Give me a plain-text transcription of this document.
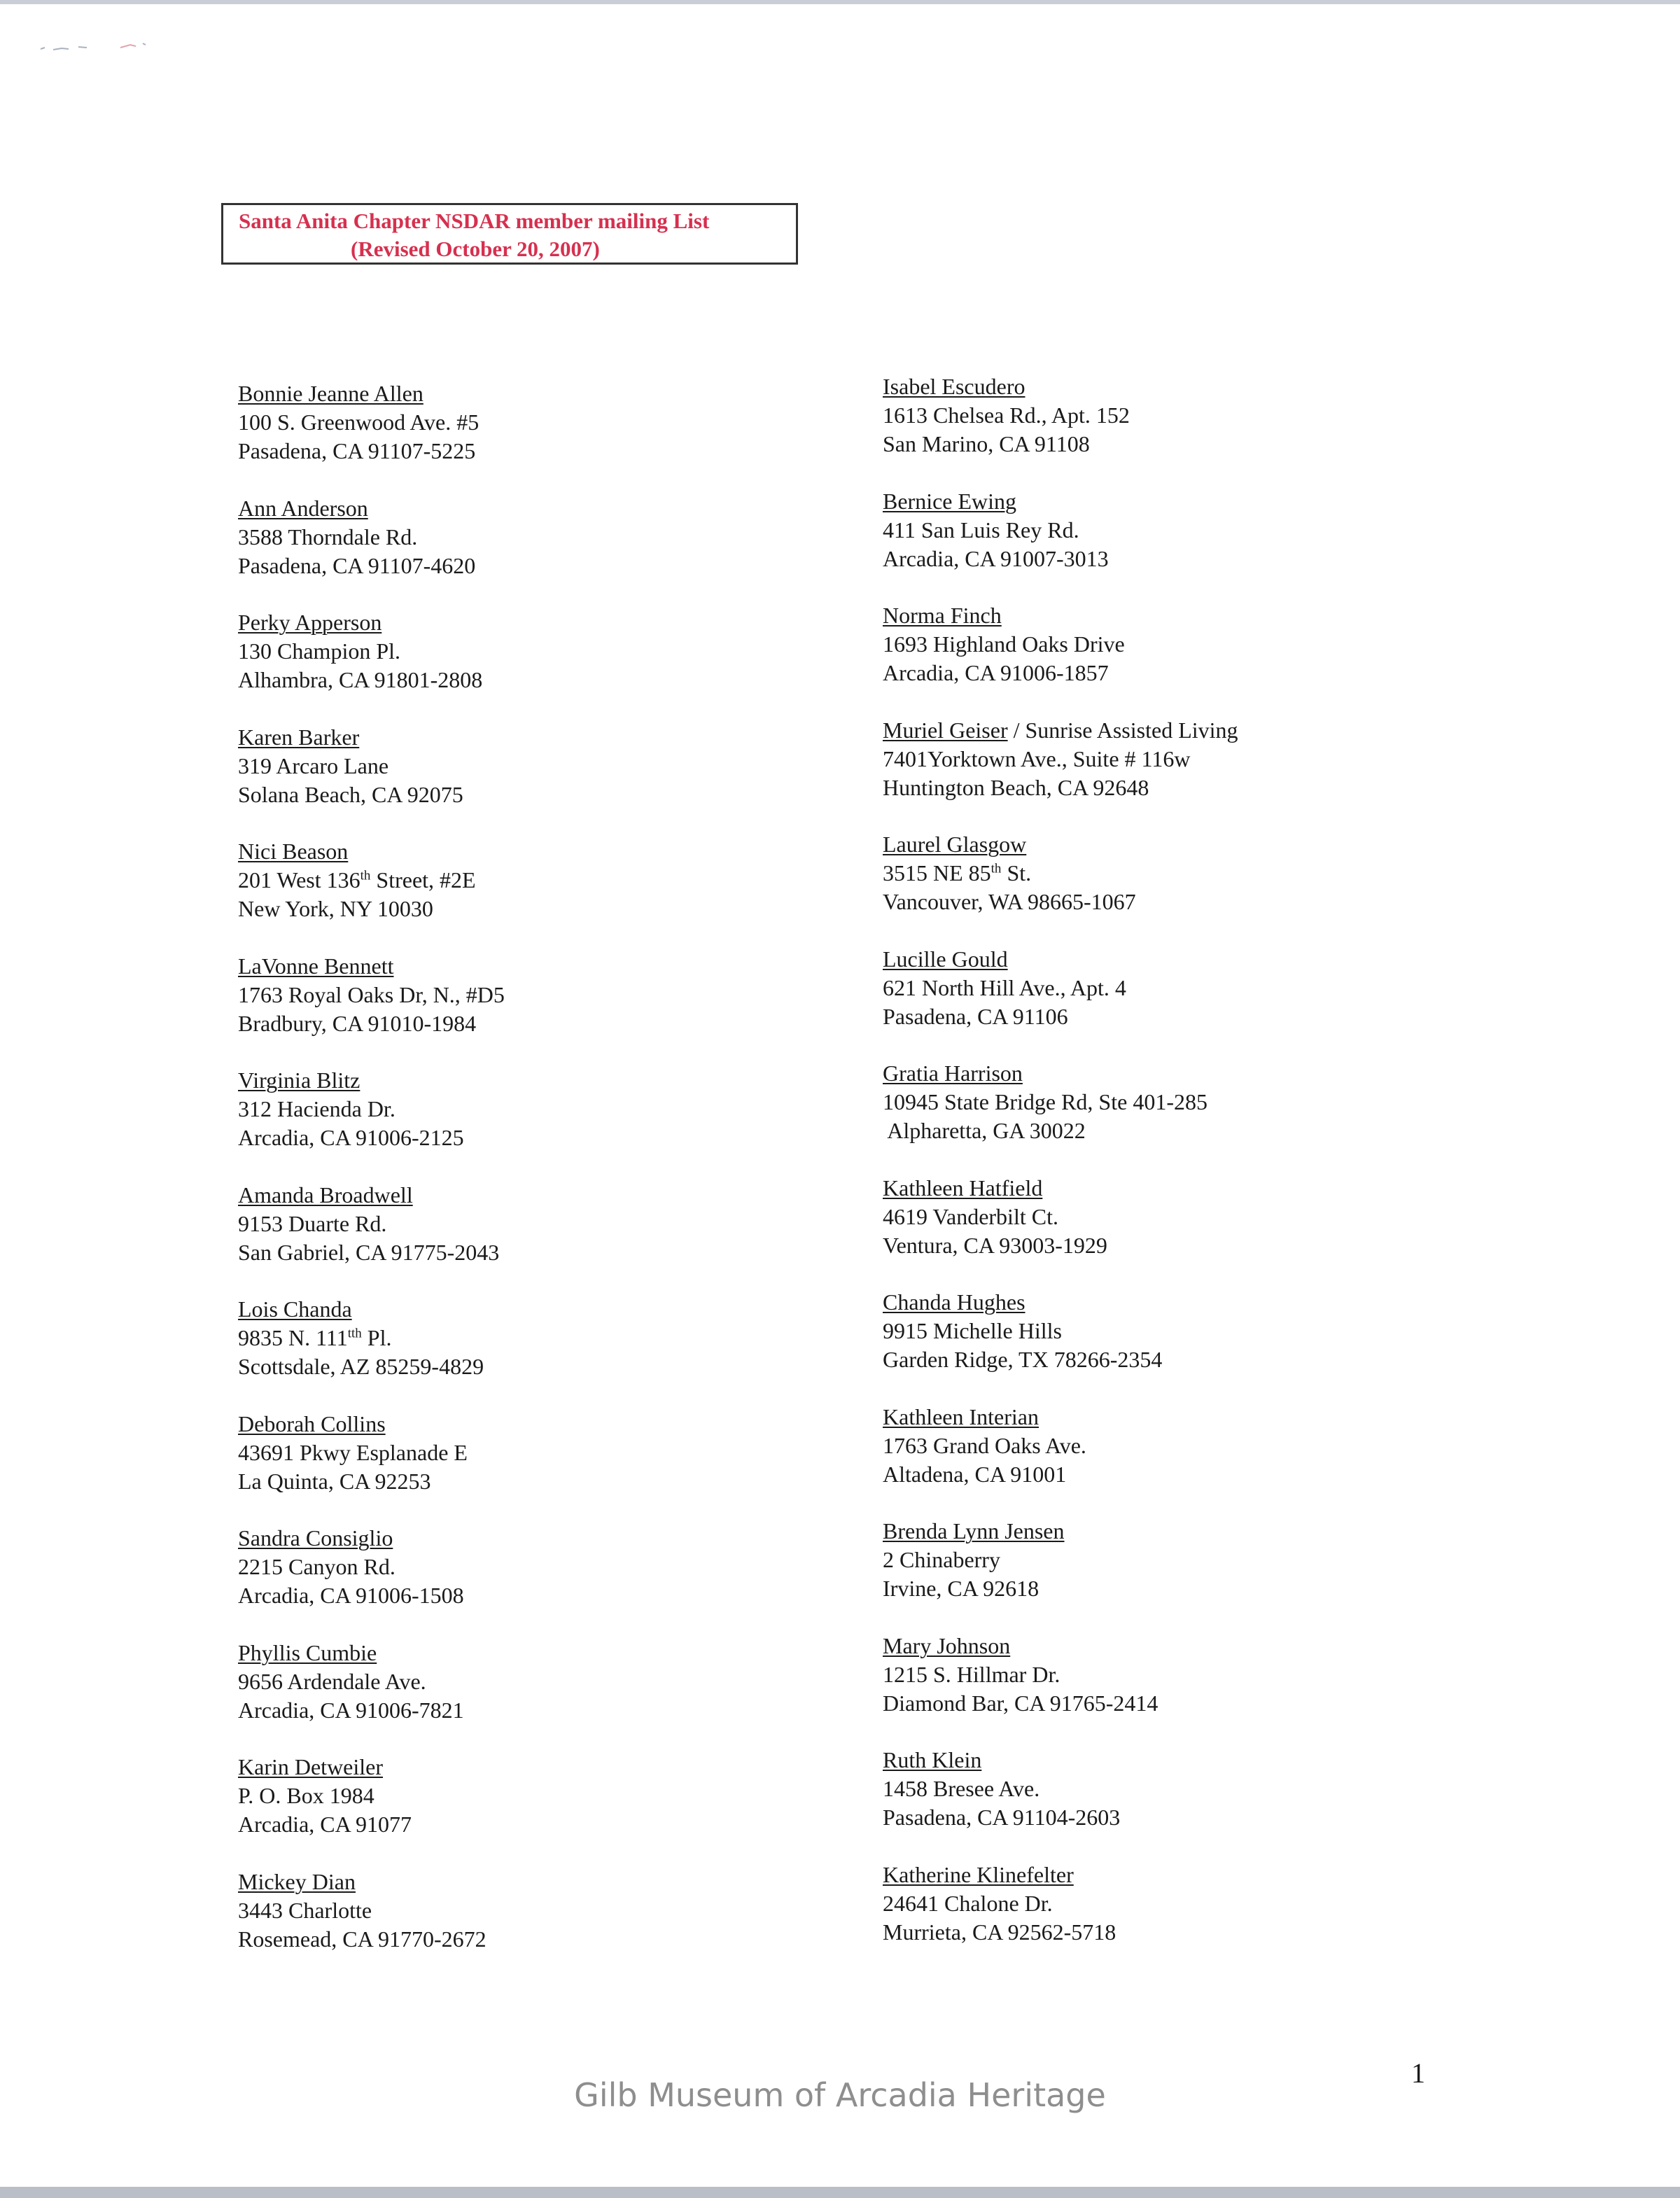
Santa Anita Chapter NSDAR member mailing List
(Revised October 20, 2007)
Bonnie Jeanne Allen
100 S. Greenwood Ave. #5
Pasadena, CA 91107-5225
Ann Anderson
3588 Thorndale Rd.
Pasadena, CA 91107-4620
Perky Apperson
130 Champion Pl.
Alhambra, CA 91801-2808
Karen Barker
319 Arcaro Lane
Solana Beach, CA 92075
Nici Beason
201 West 136th Street, #2E
New York, NY 10030
LaVonne Bennett
1763 Royal Oaks Dr, N., #D5
Bradbury, CA 91010-1984
Virginia Blitz
312 Hacienda Dr.
Arcadia, CA 91006-2125
Amanda Broadwell
9153 Duarte Rd.
San Gabriel, CA 91775-2043
Lois Chanda
9835 N. $111^{tth}$ Pl.
Scottsdale, AZ 85259-4829
Deborah Collins
43691 Pkwy Esplanade E
La Quinta, CA 92253
Sandra Consiglio
2215 Canyon Rd.
Arcadia, CA 91006-1508
Phyllis Cumbie
9656 Ardendale Ave.
Arcadia, CA 91006-7821
Karin Detweiler
P. O. Box 1984
Arcadia, CA 91077
Mickey Dian
3443 Charlotte
Rosemead, CA 91770-2672
Isabel Escudero
1613 Chelsea Rd., Apt. 152
San Marino, CA 91108
Bernice Ewing
411 San Luis Rey Rd.
Arcadia, CA 91007-3013
Norma Finch
1693 Highland Oaks Drive
Arcadia, CA 91006-1857
Muriel Geiser / Sunrise Assisted Living
7401Yorktown Ave., Suite # 116w
Huntington Beach, CA 92648
Laurel Glasgow
3515 NE 85th St.
Vancouver, WA 98665-1067
Lucille Gould
621 North Hill Ave., Apt. 4
Pasadena, CA 91106
Gratia Harrison
10945 State Bridge Rd, Ste 401-285
Alpharetta, GA 30022
Kathleen Hatfield
4619 Vanderbilt Ct.
Ventura, CA 93003-1929
Chanda Hughes
9915 Michelle Hills
Garden Ridge, TX 78266-2354
Kathleen Interian
1763 Grand Oaks Ave.
Altadena, CA 91001
Brenda Lynn Jensen
2 Chinaberry
Irvine, CA 92618
Mary Johnson
1215 S. Hillmar Dr.
Diamond Bar, CA 91765-2414
Ruth Klein
1458 Bresee Ave.
Pasadena, CA 91104-2603
Katherine Klinefelter
24641 Chalone Dr.
Murrieta, CA 92562-5718
1
Gilb Museum of Arcadia Heritage
